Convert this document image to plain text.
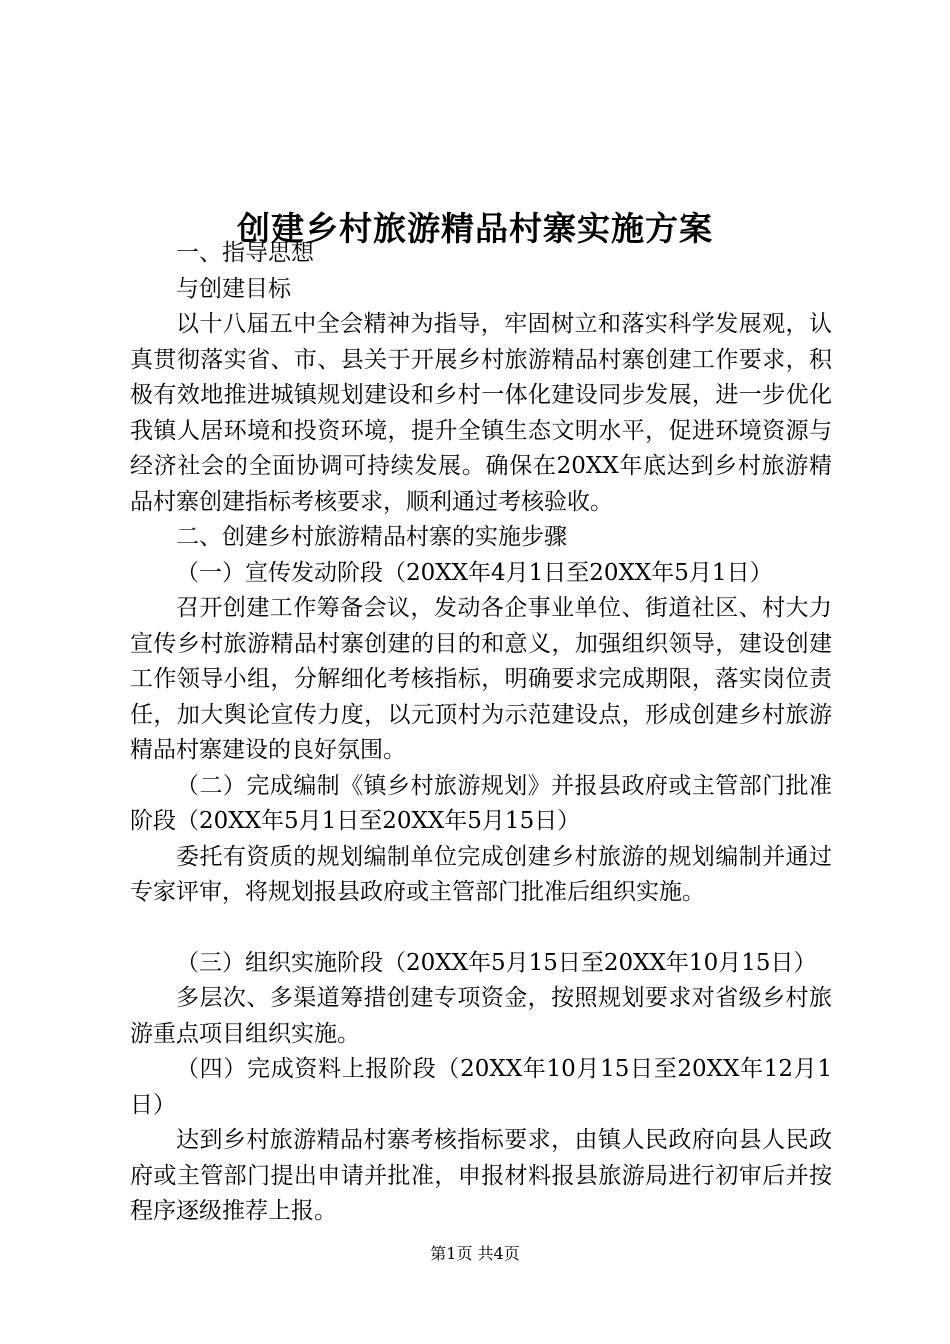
创建乡村旅游精品村寨实施方案

一、指导思想

与创建目标

以十八届五中全会精神为指导，牢固树立和落实科学发展观，认真贯彻落实省、市、县关于开展乡村旅游精品村寨创建工作要求，积极有效地推进城镇规划建设和乡村一体化建设同步发展，进一步优化我镇人居环境和投资环境，提升全镇生态文明水平，促进环境资源与经济社会的全面协调可持续发展。确保在20XX年底达到乡村旅游精品村寨创建指标考核要求，顺利通过考核验收。

二、创建乡村旅游精品村寨的实施步骤

（一）宣传发动阶段（20XX年4月1日至20XX年5月1日）

召开创建工作筹备会议，发动各企事业单位、街道社区、村大力宣传乡村旅游精品村寨创建的目的和意义，加强组织领导，建设创建工作领导小组，分解细化考核指标，明确要求完成期限，落实岗位责任，加大舆论宣传力度，以元顶村为示范建设点，形成创建乡村旅游精品村寨建设的良好氛围。

（二）完成编制《镇乡村旅游规划》并报县政府或主管部门批准阶段（20XX年5月1日至20XX年5月15日）

委托有资质的规划编制单位完成创建乡村旅游的规划编制并通过专家评审，将规划报县政府或主管部门批准后组织实施。

（三）组织实施阶段（20XX年5月15日至20XX年10月15日）

多层次、多渠道筹措创建专项资金，按照规划要求对省级乡村旅游重点项目组织实施。

（四）完成资料上报阶段（20XX年10月15日至20XX年12月1日）

达到乡村旅游精品村寨考核指标要求，由镇人民政府向县人民政府或主管部门提出申请并批准，申报材料报县旅游局进行初审后并按程序逐级推荐上报。

第1页 共4页
